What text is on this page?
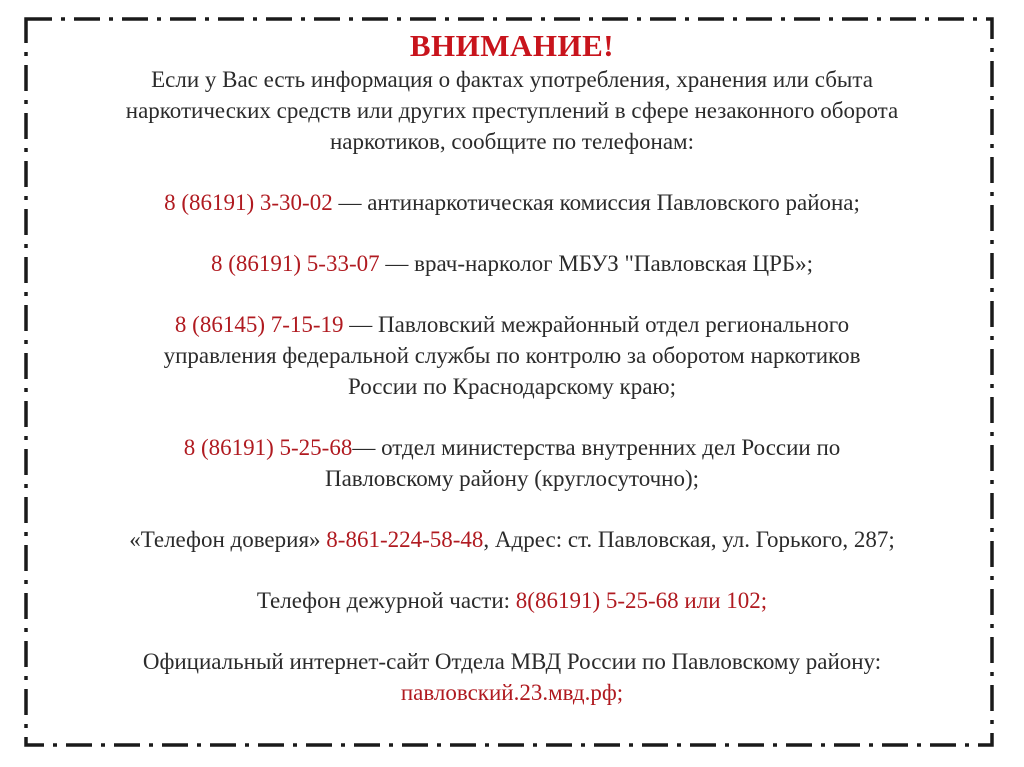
ВНИМАНИЕ!

Если у Вас есть информация о фактах употребления, хранения или сбыта
наркотических средств или других преступлений в сфере незаконного оборота
наркотиков, сообщите по телефонам:

8 (86191) 3-30-02 — антинаркотическая комиссия Павловского района;

8 (86191) 5-33-07 — врач-нарколог МБУЗ "Павловская ЦРБ»;

8 (86145) 7-15-19 — Павловский межрайонный отдел регионального
управления федеральной службы по контролю за оборотом наркотиков
России по Краснодарскому краю;

8 (86191) 5-25-68— отдел министерства внутренних дел России по
Павловскому району (круглосуточно);

«Телефон доверия» 8-861-224-58-48, Адрес: ст. Павловская, ул. Горького, 287;

Телефон дежурной части: 8(86191) 5-25-68 или 102;

Официальный интернет-сайт Отдела МВД России по Павловскому району:
павловский.23.мвд.рф;
